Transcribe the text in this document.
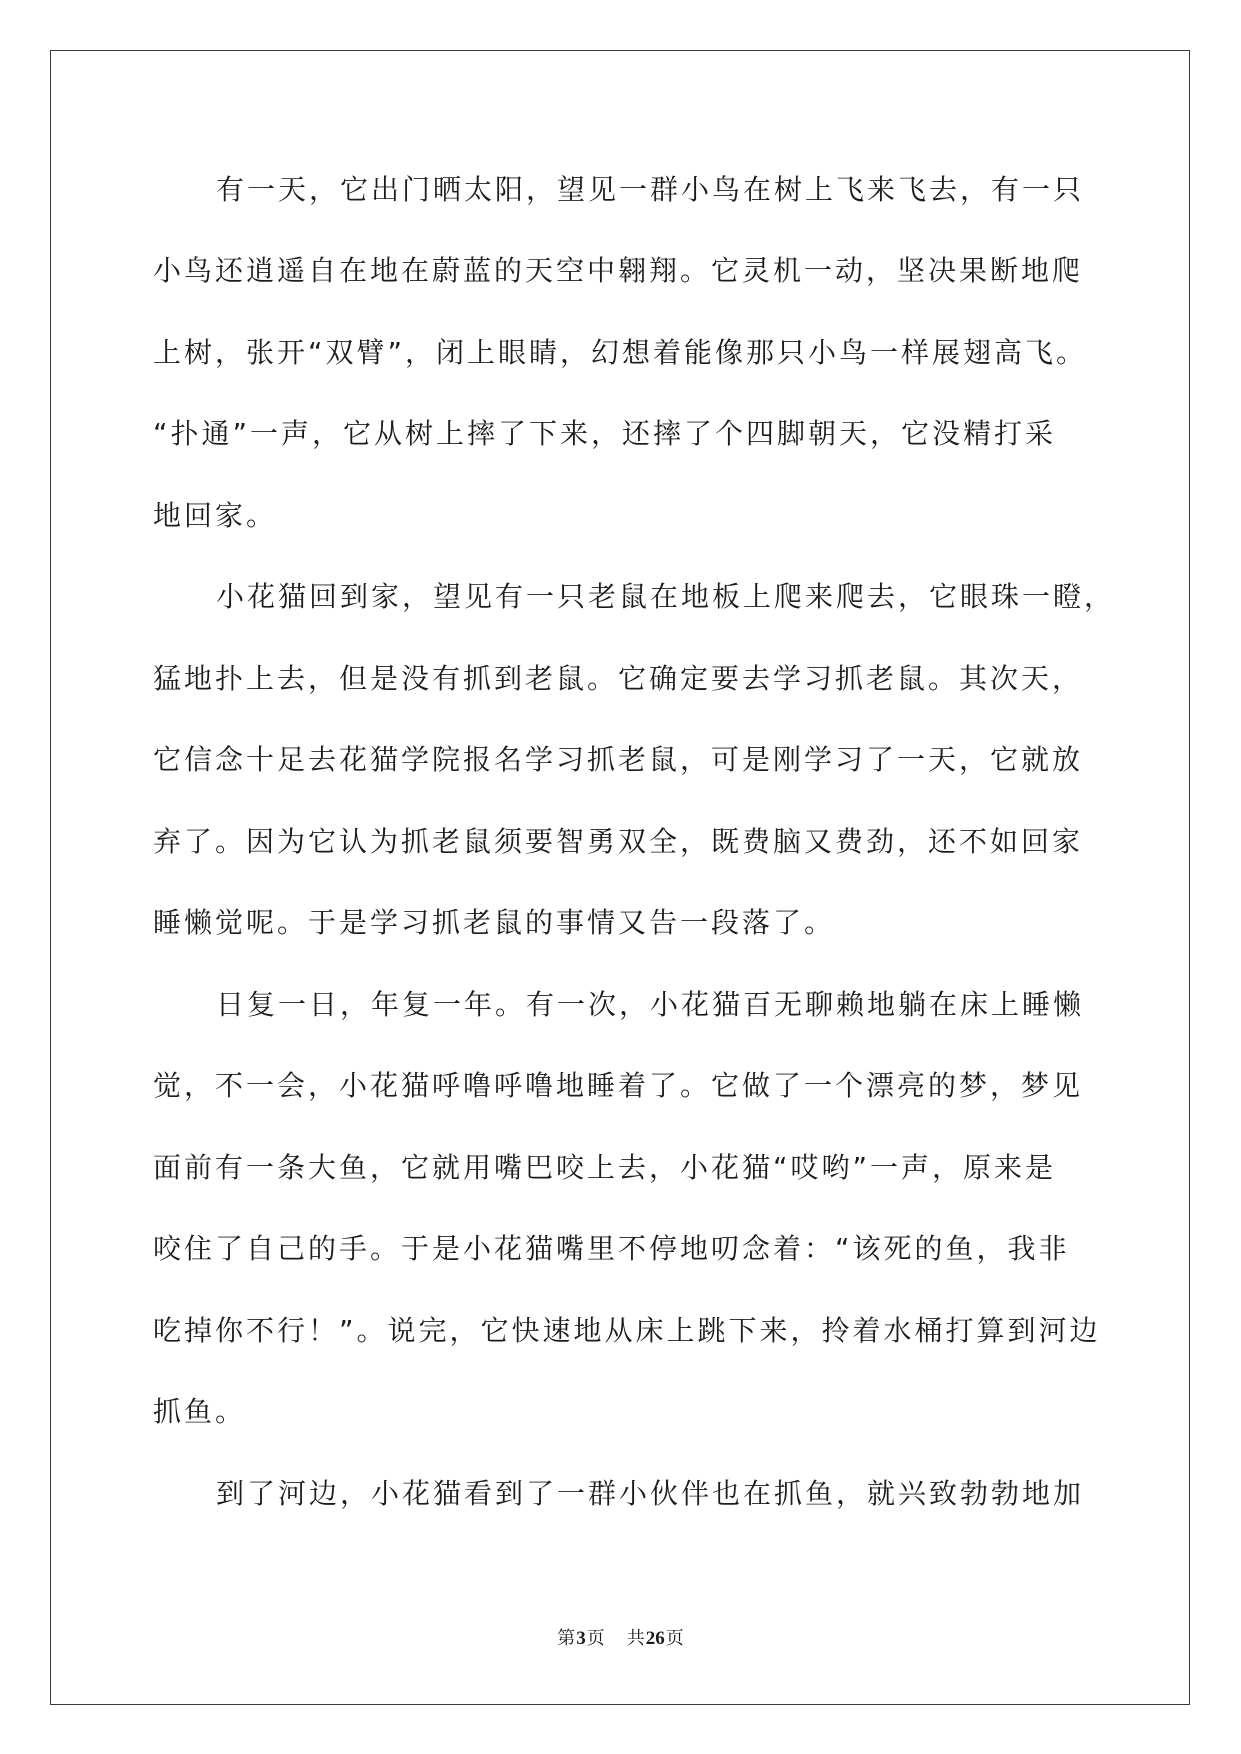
有一天，它出门晒太阳，望见一群小鸟在树上飞来飞去，有一只
小鸟还逍遥自在地在蔚蓝的天空中翱翔。它灵机一动，坚决果断地爬
上树，张开“双臂”，闭上眼睛，幻想着能像那只小鸟一样展翅高飞。
“扑通”一声，它从树上摔了下来，还摔了个四脚朝天，它没精打采
地回家。
小花猫回到家，望见有一只老鼠在地板上爬来爬去，它眼珠一瞪，
猛地扑上去，但是没有抓到老鼠。它确定要去学习抓老鼠。其次天，
它信念十足去花猫学院报名学习抓老鼠，可是刚学习了一天，它就放
弃了。因为它认为抓老鼠须要智勇双全，既费脑又费劲，还不如回家
睡懒觉呢。于是学习抓老鼠的事情又告一段落了。
日复一日，年复一年。有一次，小花猫百无聊赖地躺在床上睡懒
觉，不一会，小花猫呼噜呼噜地睡着了。它做了一个漂亮的梦，梦见
面前有一条大鱼，它就用嘴巴咬上去，小花猫“哎哟”一声，原来是
咬住了自己的手。于是小花猫嘴里不停地叨念着：“该死的鱼，我非
吃掉你不行！”。说完，它快速地从床上跳下来，拎着水桶打算到河边
抓鱼。
到了河边，小花猫看到了一群小伙伴也在抓鱼，就兴致勃勃地加
第3页 共26页
